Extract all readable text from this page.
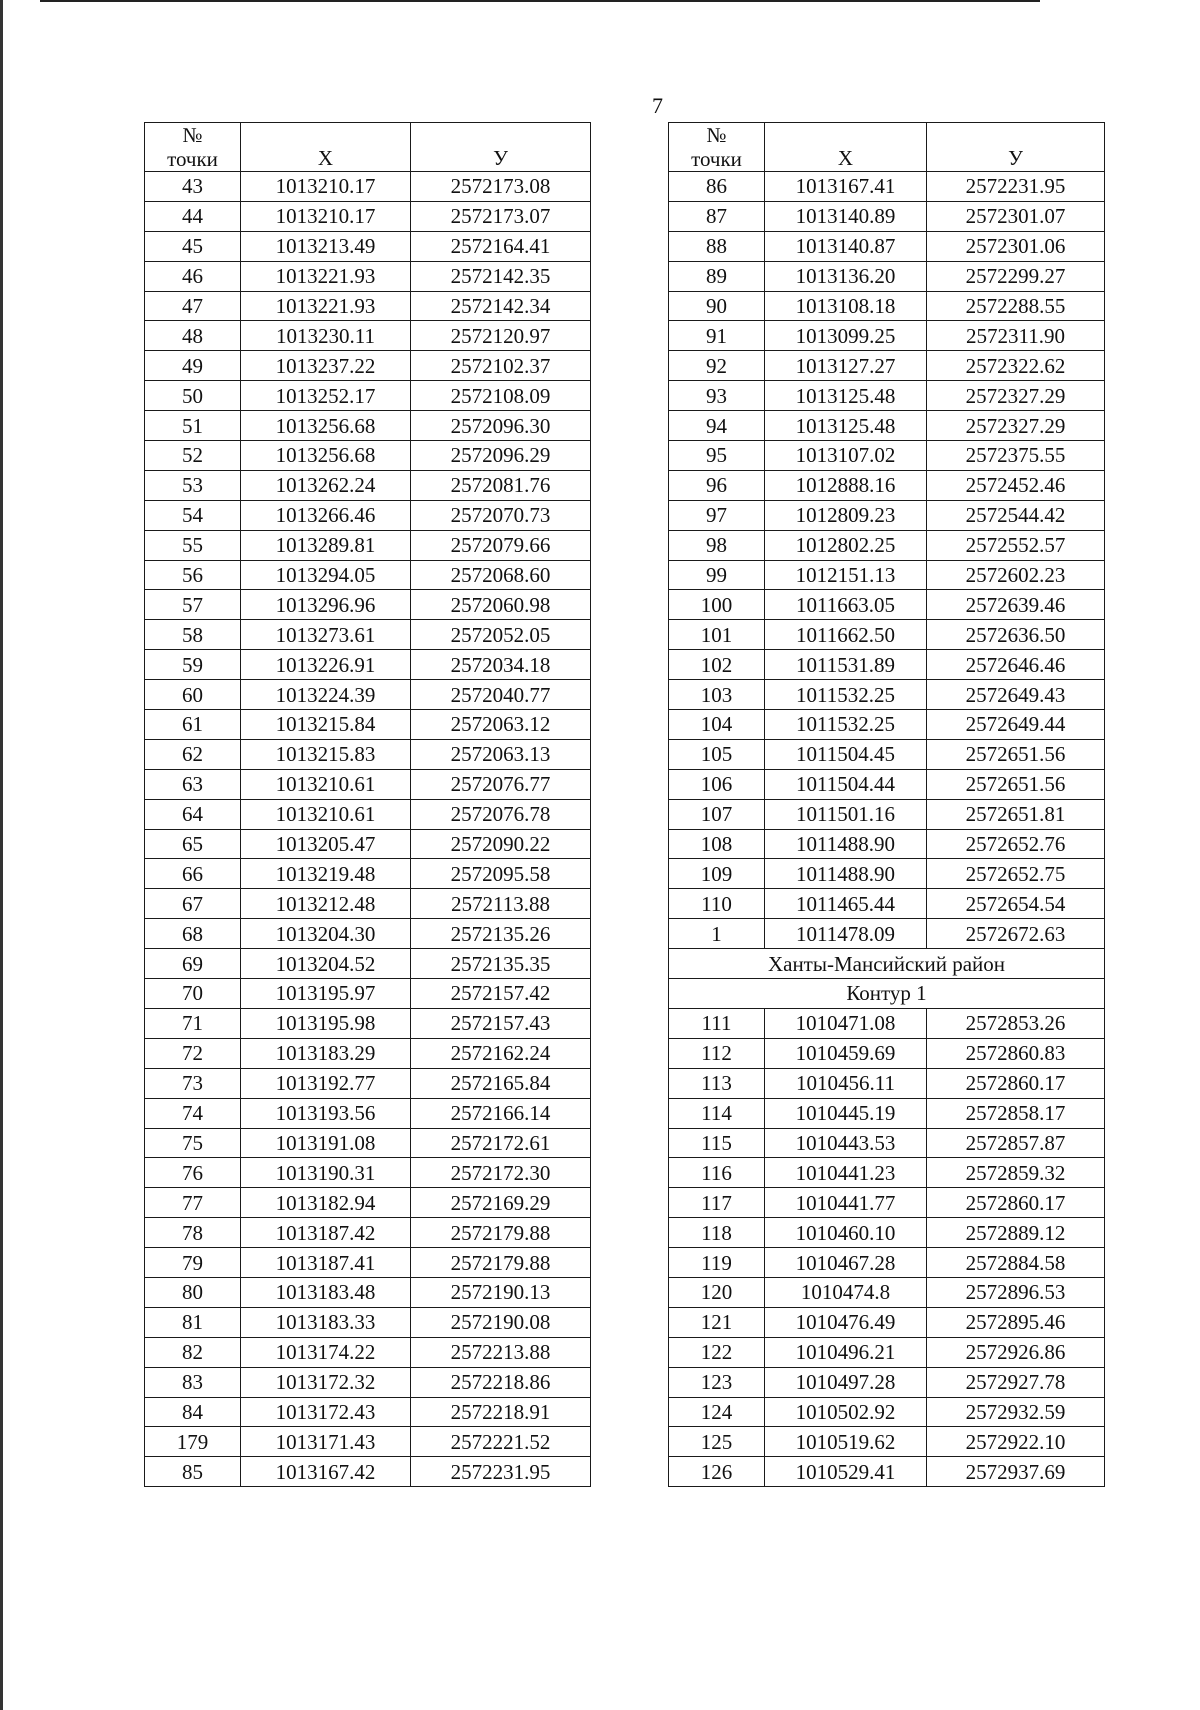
7
№
точки	Х	У
43	1013210.17	2572173.08
44	1013210.17	2572173.07
45	1013213.49	2572164.41
46	1013221.93	2572142.35
47	1013221.93	2572142.34
48	1013230.11	2572120.97
49	1013237.22	2572102.37
50	1013252.17	2572108.09
51	1013256.68	2572096.30
52	1013256.68	2572096.29
53	1013262.24	2572081.76
54	1013266.46	2572070.73
55	1013289.81	2572079.66
56	1013294.05	2572068.60
57	1013296.96	2572060.98
58	1013273.61	2572052.05
59	1013226.91	2572034.18
60	1013224.39	2572040.77
61	1013215.84	2572063.12
62	1013215.83	2572063.13
63	1013210.61	2572076.77
64	1013210.61	2572076.78
65	1013205.47	2572090.22
66	1013219.48	2572095.58
67	1013212.48	2572113.88
68	1013204.30	2572135.26
69	1013204.52	2572135.35
70	1013195.97	2572157.42
71	1013195.98	2572157.43
72	1013183.29	2572162.24
73	1013192.77	2572165.84
74	1013193.56	2572166.14
75	1013191.08	2572172.61
76	1013190.31	2572172.30
77	1013182.94	2572169.29
78	1013187.42	2572179.88
79	1013187.41	2572179.88
80	1013183.48	2572190.13
81	1013183.33	2572190.08
82	1013174.22	2572213.88
83	1013172.32	2572218.86
84	1013172.43	2572218.91
179	1013171.43	2572221.52
85	1013167.42	2572231.95
№
точки	Х	У
86	1013167.41	2572231.95
87	1013140.89	2572301.07
88	1013140.87	2572301.06
89	1013136.20	2572299.27
90	1013108.18	2572288.55
91	1013099.25	2572311.90
92	1013127.27	2572322.62
93	1013125.48	2572327.29
94	1013125.48	2572327.29
95	1013107.02	2572375.55
96	1012888.16	2572452.46
97	1012809.23	2572544.42
98	1012802.25	2572552.57
99	1012151.13	2572602.23
100	1011663.05	2572639.46
101	1011662.50	2572636.50
102	1011531.89	2572646.46
103	1011532.25	2572649.43
104	1011532.25	2572649.44
105	1011504.45	2572651.56
106	1011504.44	2572651.56
107	1011501.16	2572651.81
108	1011488.90	2572652.76
109	1011488.90	2572652.75
110	1011465.44	2572654.54
1	1011478.09	2572672.63
Ханты-Мансийский район		
Контур 1		
111	1010471.08	2572853.26
112	1010459.69	2572860.83
113	1010456.11	2572860.17
114	1010445.19	2572858.17
115	1010443.53	2572857.87
116	1010441.23	2572859.32
117	1010441.77	2572860.17
118	1010460.10	2572889.12
119	1010467.28	2572884.58
120	1010474.8	2572896.53
121	1010476.49	2572895.46
122	1010496.21	2572926.86
123	1010497.28	2572927.78
124	1010502.92	2572932.59
125	1010519.62	2572922.10
126	1010529.41	2572937.69
